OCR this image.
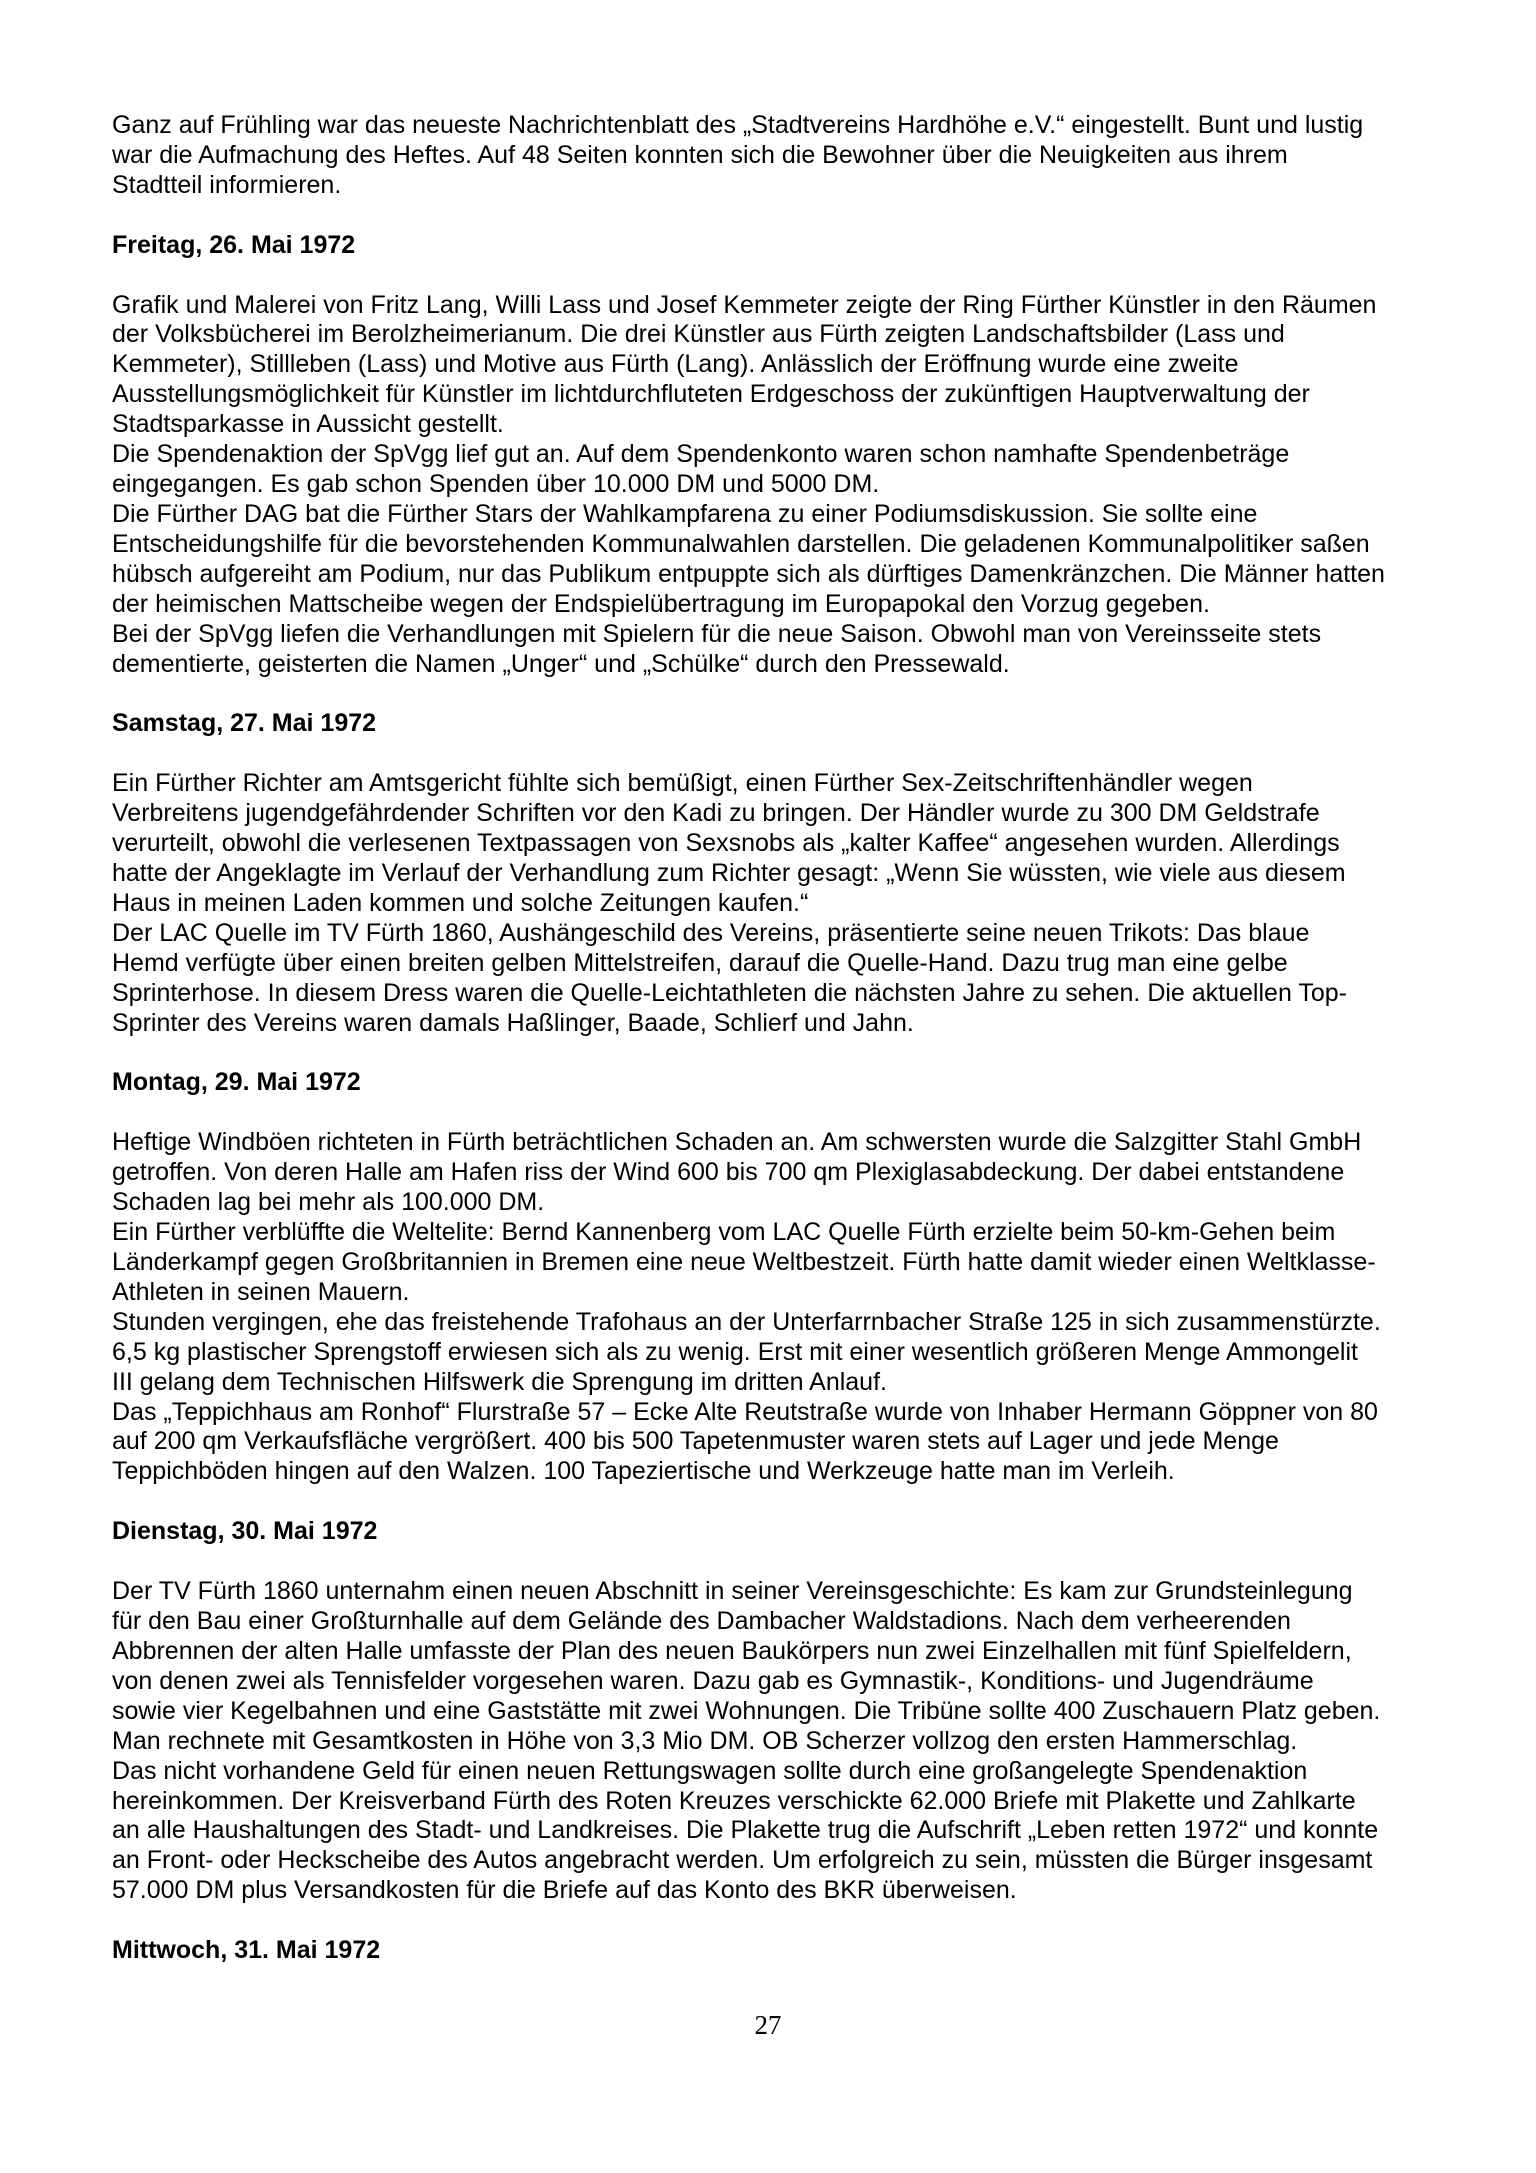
Ganz auf Frühling war das neueste Nachrichtenblatt des „Stadtvereins Hardhöhe e.V.“ eingestellt. Bunt und lustig
war die Aufmachung des Heftes. Auf 48 Seiten konnten sich die Bewohner über die Neuigkeiten aus ihrem
Stadtteil informieren.

Freitag, 26. Mai 1972

Grafik und Malerei von Fritz Lang, Willi Lass und Josef Kemmeter zeigte der Ring Fürther Künstler in den Räumen
der Volksbücherei im Berolzheimerianum. Die drei Künstler aus Fürth zeigten Landschaftsbilder (Lass und
Kemmeter), Stillleben (Lass) und Motive aus Fürth (Lang). Anlässlich der Eröffnung wurde eine zweite
Ausstellungsmöglichkeit für Künstler im lichtdurchfluteten Erdgeschoss der zukünftigen Hauptverwaltung der
Stadtsparkasse in Aussicht gestellt.

Die Spendenaktion der SpVgg lief gut an. Auf dem Spendenkonto waren schon namhafte Spendenbeträge
eingegangen. Es gab schon Spenden über 10.000 DM und 5000 DM.

Die Fürther DAG bat die Fürther Stars der Wahlkampfarena zu einer Podiumsdiskussion. Sie sollte eine
Entscheidungshilfe für die bevorstehenden Kommunalwahlen darstellen. Die geladenen Kommunalpolitiker saßen
hübsch aufgereiht am Podium, nur das Publikum entpuppte sich als dürftiges Damenkränzchen. Die Männer hatten
der heimischen Mattscheibe wegen der Endspielübertragung im Europapokal den Vorzug gegeben.

Bei der SpVgg liefen die Verhandlungen mit Spielern für die neue Saison. Obwohl man von Vereinsseite stets
dementierte, geisterten die Namen „Unger“ und „Schülke“ durch den Pressewald.

Samstag, 27. Mai 1972

Ein Fürther Richter am Amtsgericht fühlte sich bemüßigt, einen Fürther Sex-Zeitschriftenhändler wegen
Verbreitens jugendgefährdender Schriften vor den Kadi zu bringen. Der Händler wurde zu 300 DM Geldstrafe
verurteilt, obwohl die verlesenen Textpassagen von Sexsnobs als „kalter Kaffee“ angesehen wurden. Allerdings
hatte der Angeklagte im Verlauf der Verhandlung zum Richter gesagt: „Wenn Sie wüssten, wie viele aus diesem
Haus in meinen Laden kommen und solche Zeitungen kaufen.“

Der LAC Quelle im TV Fürth 1860, Aushängeschild des Vereins, präsentierte seine neuen Trikots: Das blaue
Hemd verfügte über einen breiten gelben Mittelstreifen, darauf die Quelle-Hand. Dazu trug man eine gelbe
Sprinterhose. In diesem Dress waren die Quelle-Leichtathleten die nächsten Jahre zu sehen. Die aktuellen Top-
Sprinter des Vereins waren damals Haßlinger, Baade, Schlierf und Jahn.

Montag, 29. Mai 1972

Heftige Windböen richteten in Fürth beträchtlichen Schaden an. Am schwersten wurde die Salzgitter Stahl GmbH
getroffen. Von deren Halle am Hafen riss der Wind 600 bis 700 qm Plexiglasabdeckung. Der dabei entstandene
Schaden lag bei mehr als 100.000 DM.

Ein Fürther verblüffte die Weltelite: Bernd Kannenberg vom LAC Quelle Fürth erzielte beim 50-km-Gehen beim
Länderkampf gegen Großbritannien in Bremen eine neue Weltbestzeit. Fürth hatte damit wieder einen Weltklasse-
Athleten in seinen Mauern.

Stunden vergingen, ehe das freistehende Trafohaus an der Unterfarrnbacher Straße 125 in sich zusammenstürzte.
6,5 kg plastischer Sprengstoff erwiesen sich als zu wenig. Erst mit einer wesentlich größeren Menge Ammongelit
III gelang dem Technischen Hilfswerk die Sprengung im dritten Anlauf.

Das „Teppichhaus am Ronhof“ Flurstraße 57 – Ecke Alte Reutstraße wurde von Inhaber Hermann Göppner von 80
auf 200 qm Verkaufsfläche vergrößert. 400 bis 500 Tapetenmuster waren stets auf Lager und jede Menge
Teppichböden hingen auf den Walzen. 100 Tapeziertische und Werkzeuge hatte man im Verleih.

Dienstag, 30. Mai 1972

Der TV Fürth 1860 unternahm einen neuen Abschnitt in seiner Vereinsgeschichte: Es kam zur Grundsteinlegung
für den Bau einer Großturnhalle auf dem Gelände des Dambacher Waldstadions. Nach dem verheerenden
Abbrennen der alten Halle umfasste der Plan des neuen Baukörpers nun zwei Einzelhallen mit fünf Spielfeldern,
von denen zwei als Tennisfelder vorgesehen waren. Dazu gab es Gymnastik-, Konditions- und Jugendräume
sowie vier Kegelbahnen und eine Gaststätte mit zwei Wohnungen. Die Tribüne sollte 400 Zuschauern Platz geben.
Man rechnete mit Gesamtkosten in Höhe von 3,3 Mio DM. OB Scherzer vollzog den ersten Hammerschlag.

Das nicht vorhandene Geld für einen neuen Rettungswagen sollte durch eine großangelegte Spendenaktion
hereinkommen. Der Kreisverband Fürth des Roten Kreuzes verschickte 62.000 Briefe mit Plakette und Zahlkarte
an alle Haushaltungen des Stadt- und Landkreises. Die Plakette trug die Aufschrift „Leben retten 1972“ und konnte
an Front- oder Heckscheibe des Autos angebracht werden. Um erfolgreich zu sein, müssten die Bürger insgesamt
57.000 DM plus Versandkosten für die Briefe auf das Konto des BKR überweisen.

Mittwoch, 31. Mai 1972
27
